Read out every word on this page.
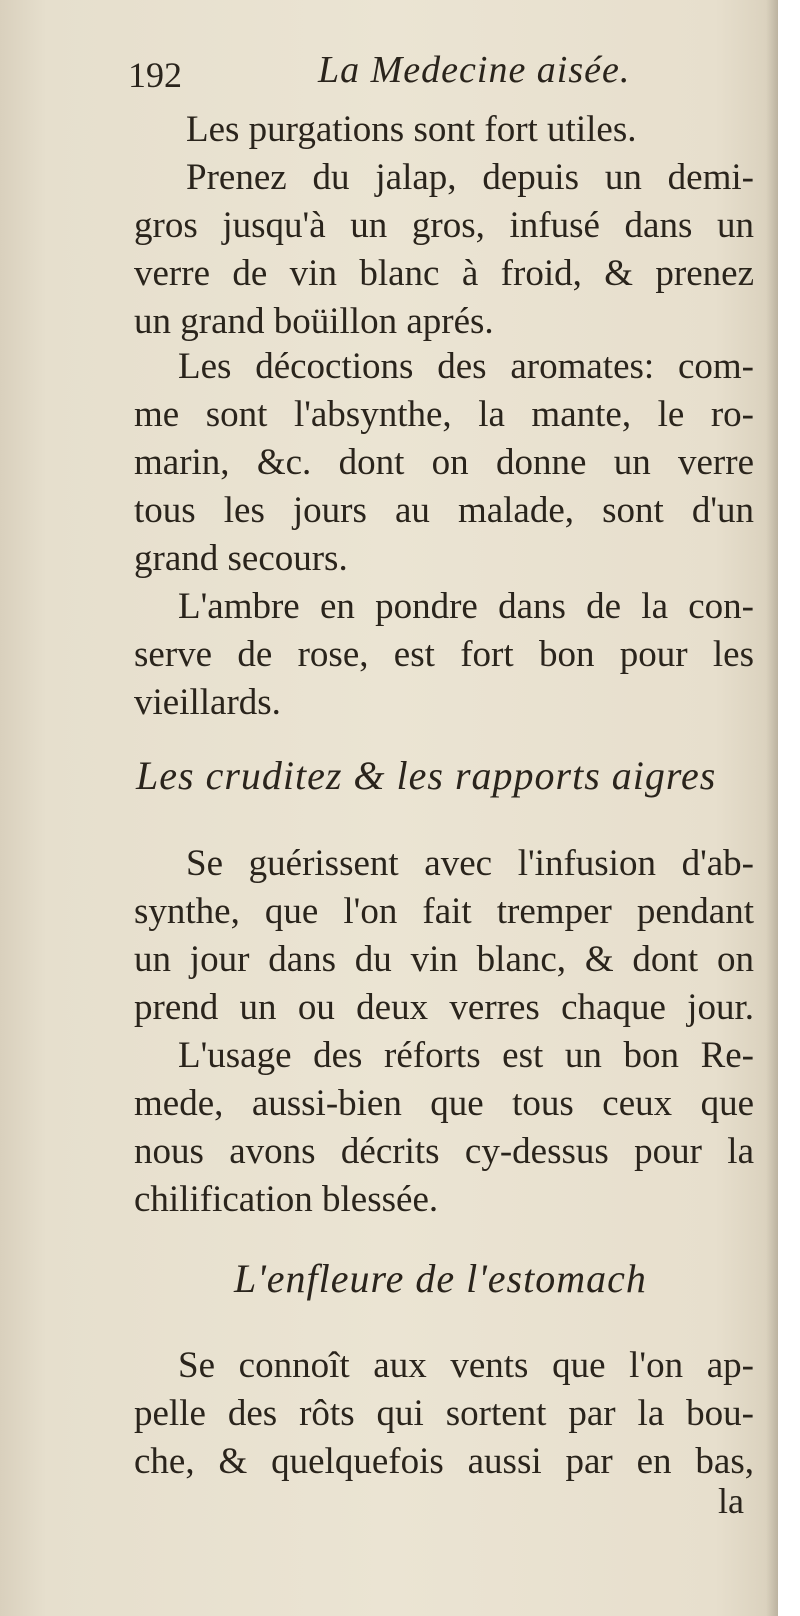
192	La Medecine aisée.
Les purgations sont fort utiles.
Prenez du jalap, depuis un demi-
gros jusqu'à un gros, infusé dans un
verre de vin blanc à froid, & prenez
un grand boüillon aprés.
Les décoctions des aromates: com-
me sont l'absynthe, la mante, le ro-
marin, &c. dont on donne un verre
tous les jours au malade, sont d'un
grand secours.
L'ambre en pondre dans de la con-
serve de rose, est fort bon pour les
vieillards.
Les cruditez & les rapports aigres
Se guérissent avec l'infusion d'ab-
synthe, que l'on fait tremper pendant
un jour dans du vin blanc, & dont on
prend un ou deux verres chaque jour.
L'usage des réforts est un bon Re-
mede, aussi-bien que tous ceux que
nous avons décrits cy-dessus pour la
chilification blessée.
L'enfleure de l'estomach
Se connoît aux vents que l'on ap-
pelle des rôts qui sortent par la bou-
che, & quelquefois aussi par en bas,
la
